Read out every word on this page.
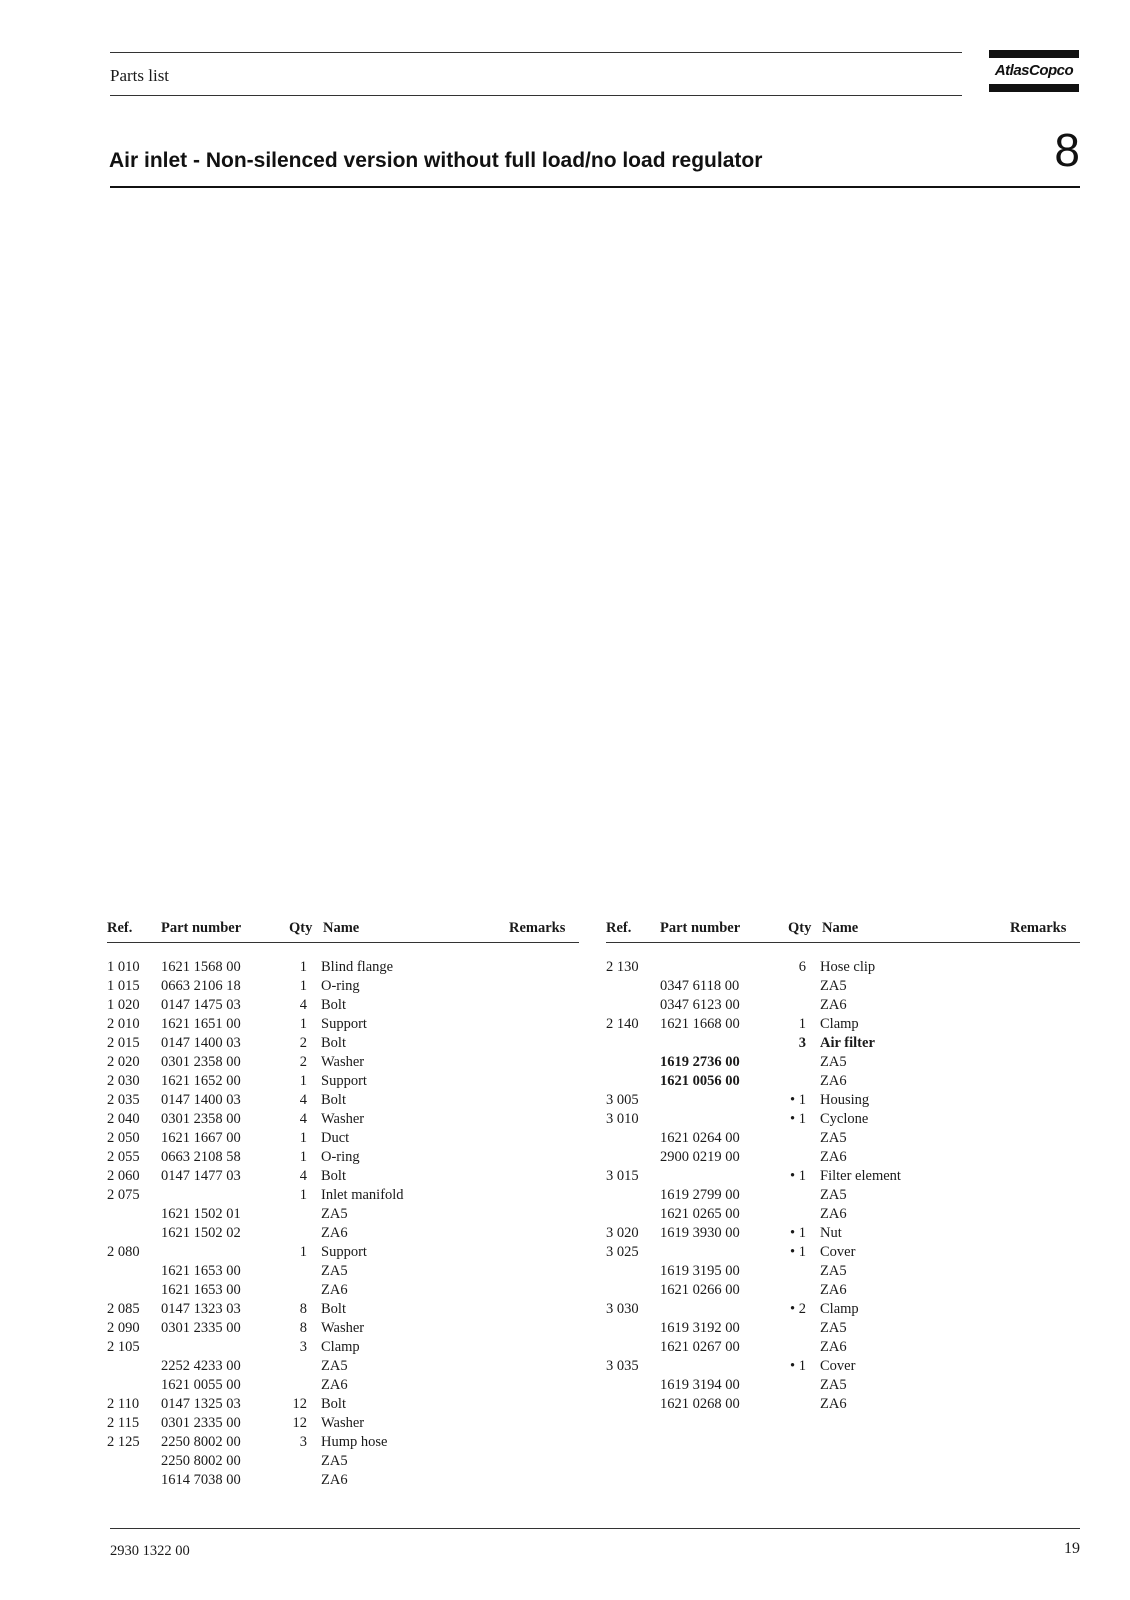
Parts list	AtlasCopco
Air inlet - Non-silenced version without full load/no load regulator	8
Ref. Part number	Qty Name	Remarks
1 010 1621 1568 00	1 Blind flange
1 015 0663 2106 18	1 O-ring
1 020 0147 1475 03	4 Bolt
2 010 1621 1651 00	1 Support
2 015 0147 1400 03	2 Bolt
2 020 0301 2358 00	2 Washer
2 030 1621 1652 00	1 Support
2 035 0147 1400 03	4 Bolt
2 040 0301 2358 00	4 Washer
2 050 1621 1667 00	1 Duct
2 055 0663 2108 58	1 O-ring
2 060 0147 1477 03	4 Bolt
2 075	1 Inlet manifold
1621 1502 01	ZA5
1621 1502 02	ZA6
2 080	1 Support
1621 1653 00	ZA5
1621 1653 00	ZA6
2 085 0147 1323 03	8 Bolt
2 090 0301 2335 00	8 Washer
2 105	3 Clamp
2252 4233 00	ZA5
1621 0055 00	ZA6
2 110 0147 1325 03	12 Bolt
2 115 0301 2335 00	12 Washer
2 125 2250 8002 00	3 Hump hose
2250 8002 00	ZA5
1614 7038 00	ZA6
Ref. Part number	Qty Name	Remarks
2 130	6 Hose clip
0347 6118 00	ZA5
0347 6123 00	ZA6
2 140 1621 1668 00	1 Clamp
3 Air filter
1619 2736 00	ZA5
1621 0056 00	ZA6
3 005	• 1 Housing
3 010	• 1 Cyclone
1621 0264 00	ZA5
2900 0219 00	ZA6
3 015	• 1 Filter element
1619 2799 00	ZA5
1621 0265 00	ZA6
3 020 1619 3930 00	• 1 Nut
3 025	• 1 Cover
1619 3195 00	ZA5
1621 0266 00	ZA6
3 030	• 2 Clamp
1619 3192 00	ZA5
1621 0267 00	ZA6
3 035	• 1 Cover
1619 3194 00	ZA5
1621 0268 00	ZA6
2930 1322 00	19
